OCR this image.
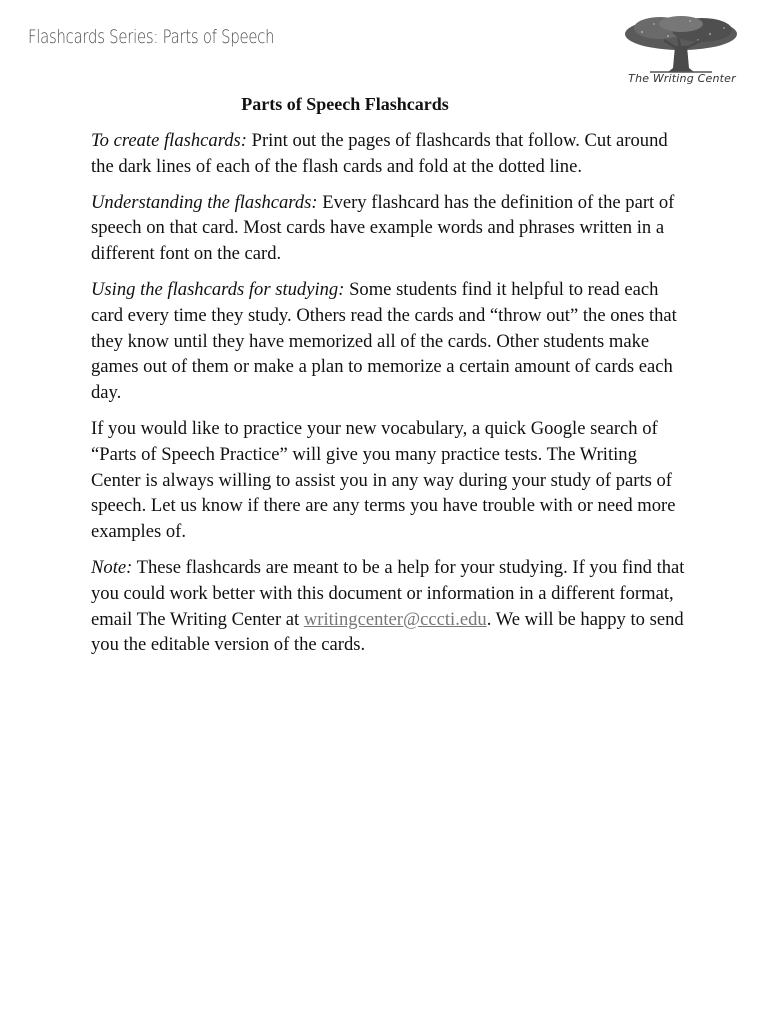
Flashcards Series: Parts of Speech
The Writing Center
Parts of Speech Flashcards

To create flashcards: Print out the pages of flashcards that follow. Cut around the dark lines of each of the flash cards and fold at the dotted line.

Understanding the flashcards: Every flashcard has the definition of the part of speech on that card. Most cards have example words and phrases written in a different font on the card.

Using the flashcards for studying: Some students find it helpful to read each card every time they study. Others read the cards and “throw out” the ones that they know until they have memorized all of the cards. Other students make games out of them or make a plan to memorize a certain amount of cards each day.

If you would like to practice your new vocabulary, a quick Google search of “Parts of Speech Practice” will give you many practice tests. The Writing Center is always willing to assist you in any way during your study of parts of speech. Let us know if there are any terms you have trouble with or need more examples of.

Note: These flashcards are meant to be a help for your studying. If you find that you could work better with this document or information in a different format, email The Writing Center at writingcenter@cccti.edu. We will be happy to send you the editable version of the cards.
